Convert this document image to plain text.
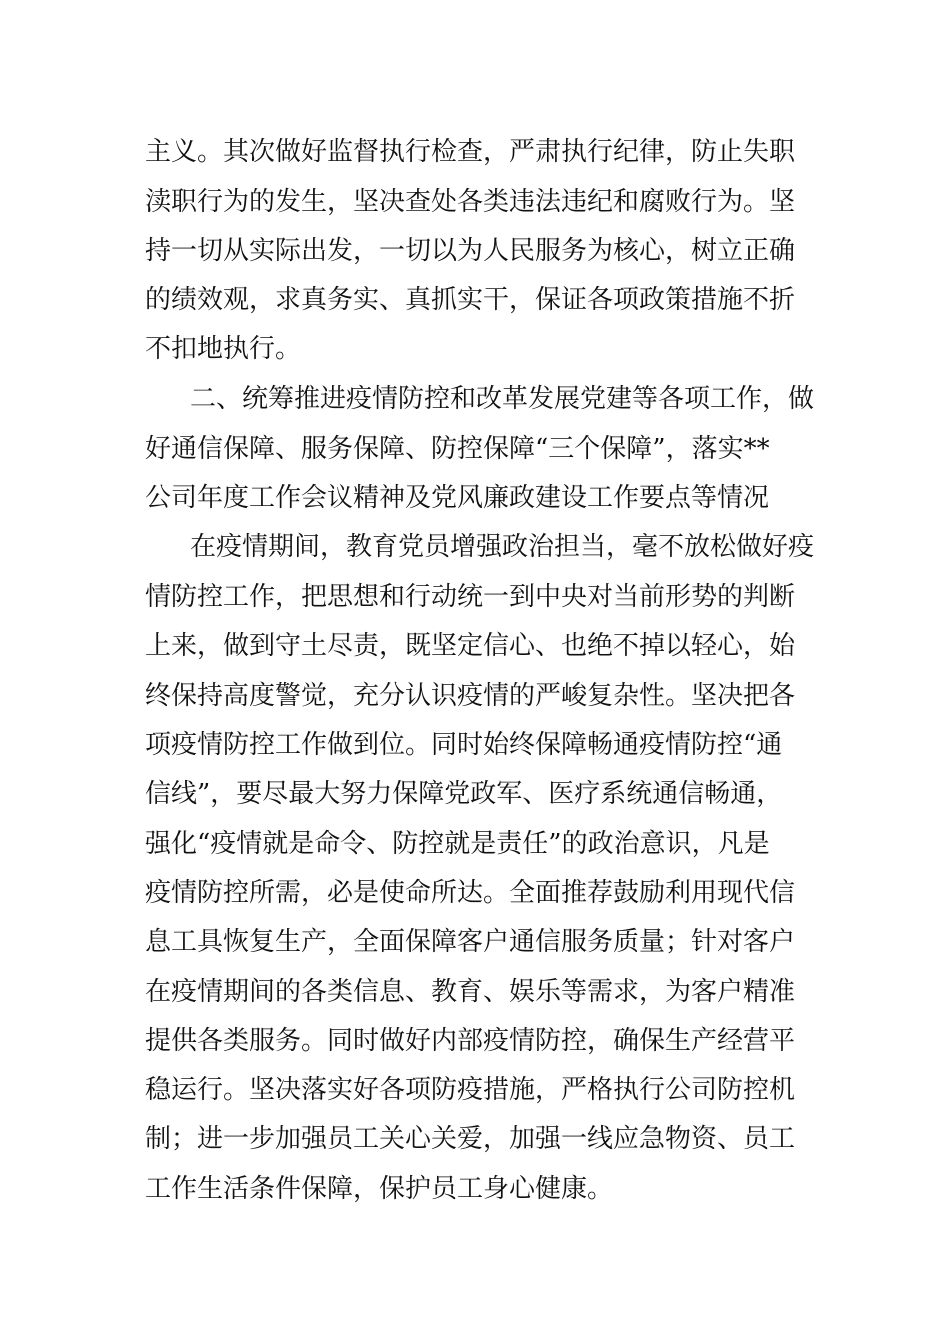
主义。其次做好监督执行检查，严肃执行纪律，防止失职
渎职行为的发生，坚决查处各类违法违纪和腐败行为。坚
持一切从实际出发，一切以为人民服务为核心，树立正确
的绩效观，求真务实、真抓实干，保证各项政策措施不折
不扣地执行。
二、统筹推进疫情防控和改革发展党建等各项工作，做
好通信保障、服务保障、防控保障“三个保障”，落实**
公司年度工作会议精神及党风廉政建设工作要点等情况
在疫情期间，教育党员增强政治担当，毫不放松做好疫
情防控工作，把思想和行动统一到中央对当前形势的判断
上来，做到守土尽责，既坚定信心、也绝不掉以轻心，始
终保持高度警觉，充分认识疫情的严峻复杂性。坚决把各
项疫情防控工作做到位。同时始终保障畅通疫情防控“通
信线”，要尽最大努力保障党政军、医疗系统通信畅通，
强化“疫情就是命令、防控就是责任”的政治意识，凡是
疫情防控所需，必是使命所达。全面推荐鼓励利用现代信
息工具恢复生产，全面保障客户通信服务质量；针对客户
在疫情期间的各类信息、教育、娱乐等需求，为客户精准
提供各类服务。同时做好内部疫情防控，确保生产经营平
稳运行。坚决落实好各项防疫措施，严格执行公司防控机
制；进一步加强员工关心关爱，加强一线应急物资、员工
工作生活条件保障，保护员工身心健康。
